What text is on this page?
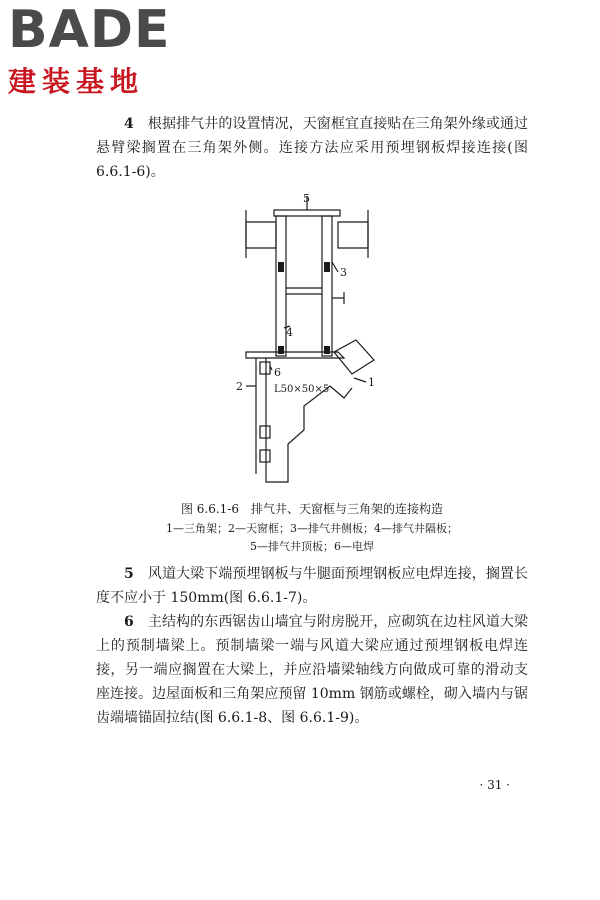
BADE
建装基地

4　 根据排气井的设置情况，天窗框宜直接贴在三角架外缘或通过悬臂梁搁置在三角架外侧。连接方法应采用预埋钢板焊接连接(图 6.6.1-6)。

5
3
4
6
2	1
L50×50×5

图 6.6.1-6　排气井、天窗框与三角架的连接构造

1—三角架；2—天窗框；3—排气井侧板；4—排气井隔板；

5—排气井顶板；6—电焊

5　 风道大梁下端预埋钢板与牛腿面预埋钢板应电焊连接，搁置长度不应小于 150mm(图 6.6.1-7)。

6　 主结构的东西锯齿山墙宜与附房脱开，应砌筑在边柱风道大梁上的预制墙梁上。预制墙梁一端与风道大梁应通过预埋钢板电焊连接，另一端应搁置在大梁上，并应沿墙梁轴线方向做成可靠的滑动支座连接。边屋面板和三角架应预留 10mm 钢筋或螺栓，砌入墙内与锯齿端墙锚固拉结(图 6.6.1-8、图 6.6.1-9)。

· 31 ·
